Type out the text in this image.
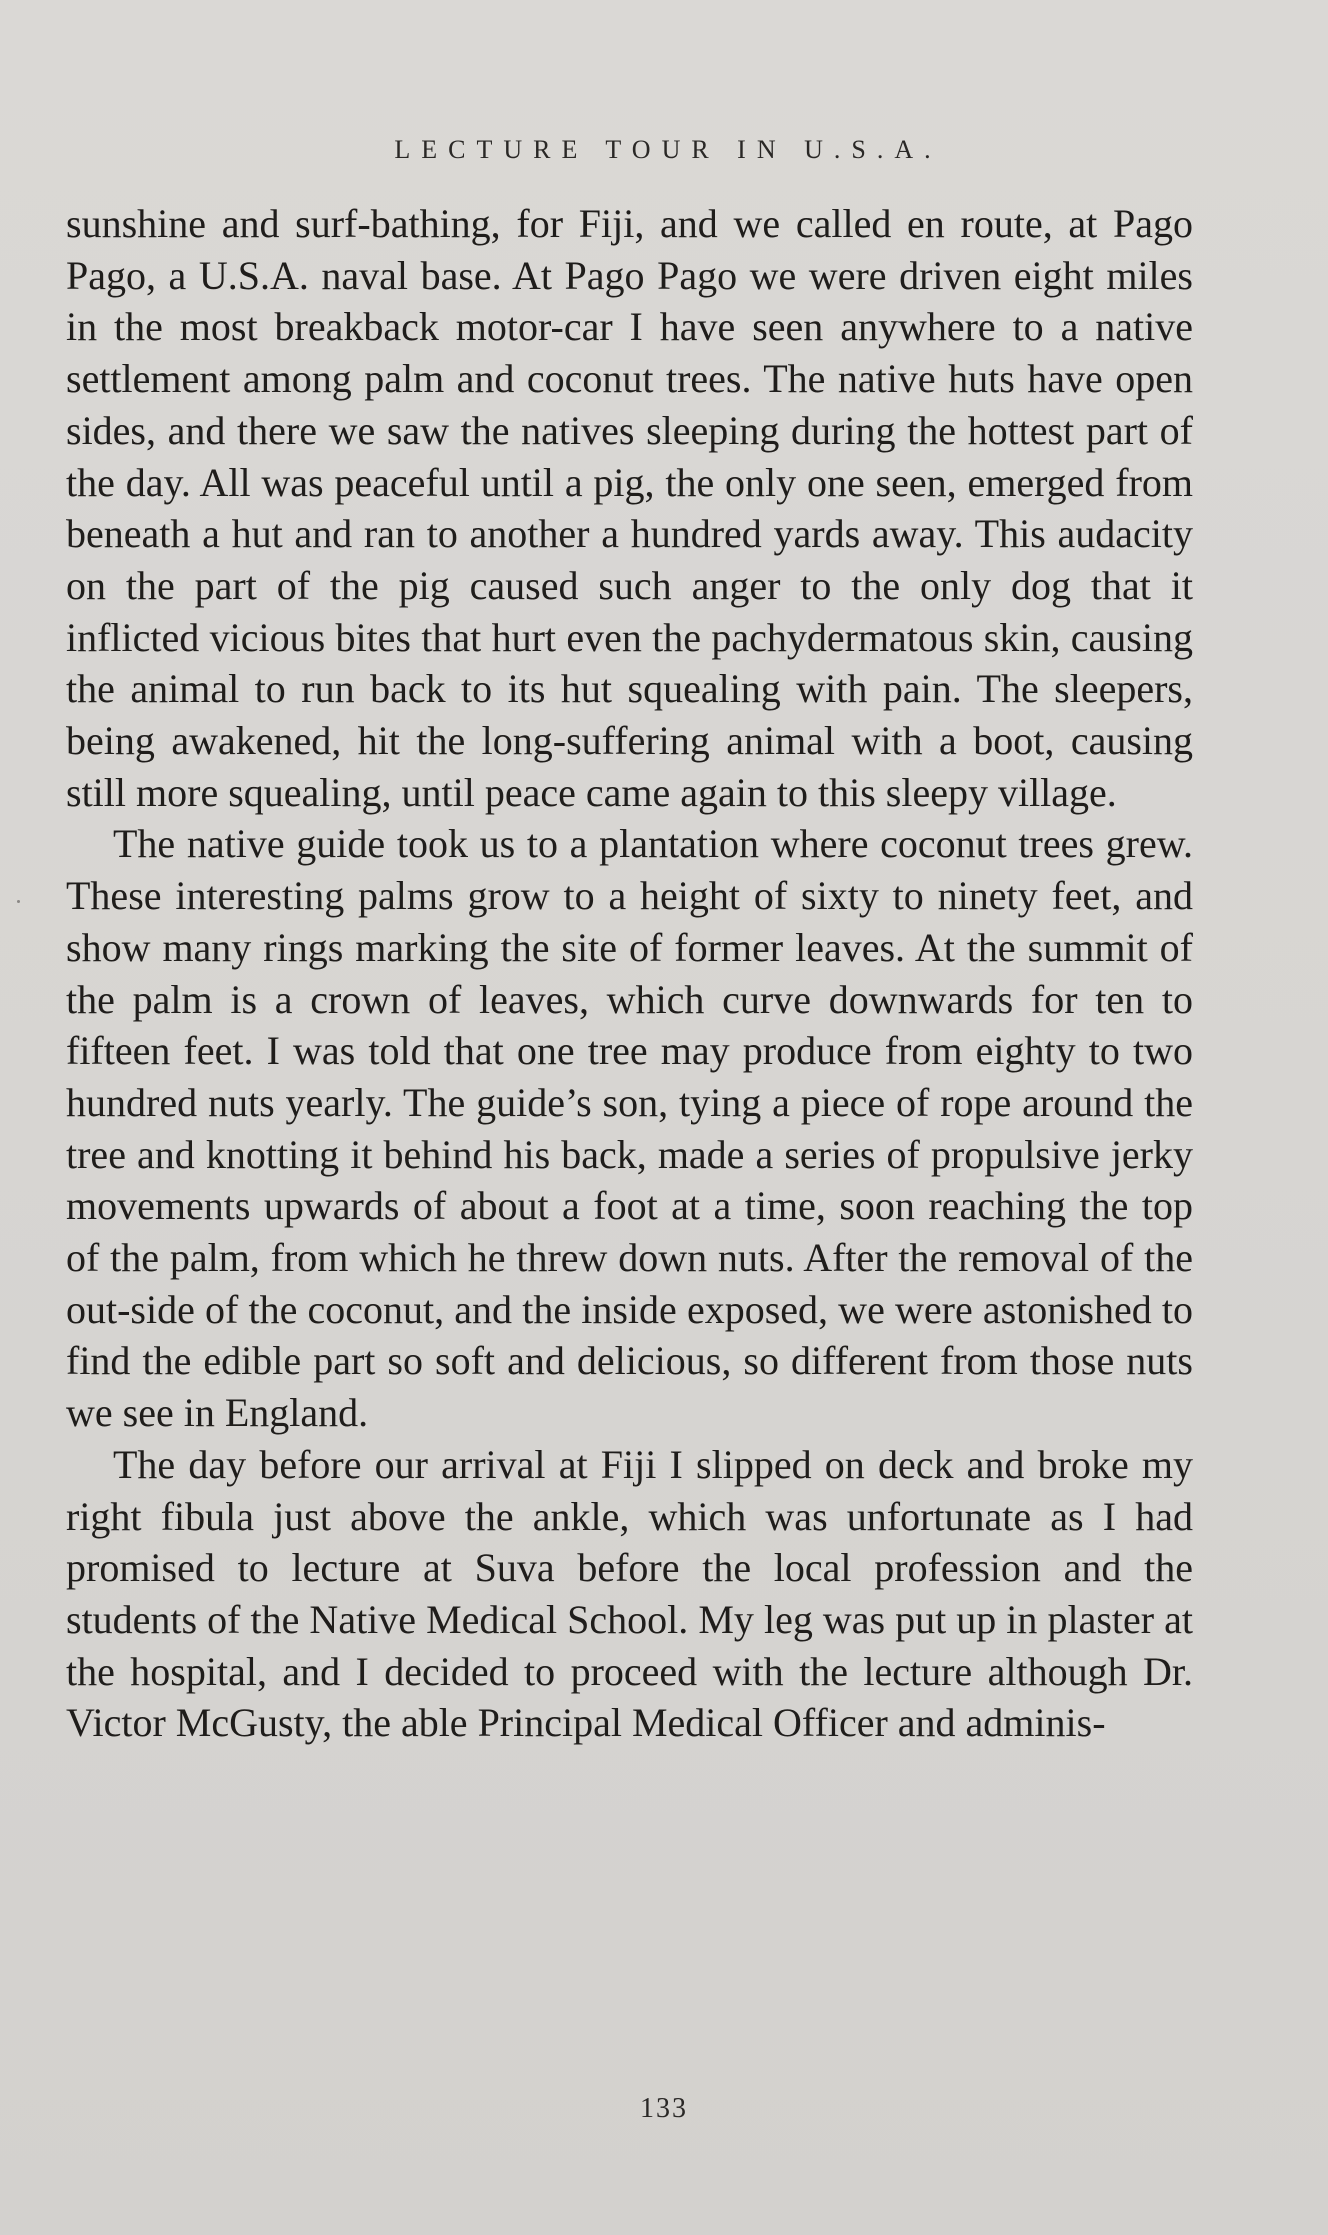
LECTURE TOUR IN U.S.A.

sunshine and surf-bathing, for Fiji, and we called en route, at Pago Pago, a U.S.A. naval base. At Pago Pago we were driven eight miles in the most breakback motor-car I have seen anywhere to a native settlement among palm and coconut trees. The native huts have open sides, and there we saw the natives sleeping during the hottest part of the day. All was peaceful until a pig, the only one seen, emerged from beneath a hut and ran to another a hundred yards away. This audacity on the part of the pig caused such anger to the only dog that it inflicted vicious bites that hurt even the pachydermatous skin, causing the animal to run back to its hut squealing with pain. The sleepers, being awakened, hit the long-suffering animal with a boot, causing still more squealing, until peace came again to this sleepy village.

The native guide took us to a plantation where coconut trees grew. These interesting palms grow to a height of sixty to ninety feet, and show many rings marking the site of former leaves. At the summit of the palm is a crown of leaves, which curve downwards for ten to fifteen feet. I was told that one tree may produce from eighty to two hundred nuts yearly. The guide’s son, tying a piece of rope around the tree and knotting it behind his back, made a series of propulsive jerky movements upwards of about a foot at a time, soon reaching the top of the palm, from which he threw down nuts. After the removal of the out-side of the coconut, and the inside exposed, we were astonished to find the edible part so soft and delicious, so different from those nuts we see in England.

The day before our arrival at Fiji I slipped on deck and broke my right fibula just above the ankle, which was unfortunate as I had promised to lecture at Suva before the local profession and the students of the Native Medical School. My leg was put up in plaster at the hospital, and I decided to proceed with the lecture although Dr. Victor McGusty, the able Principal Medical Officer and adminis-

133
